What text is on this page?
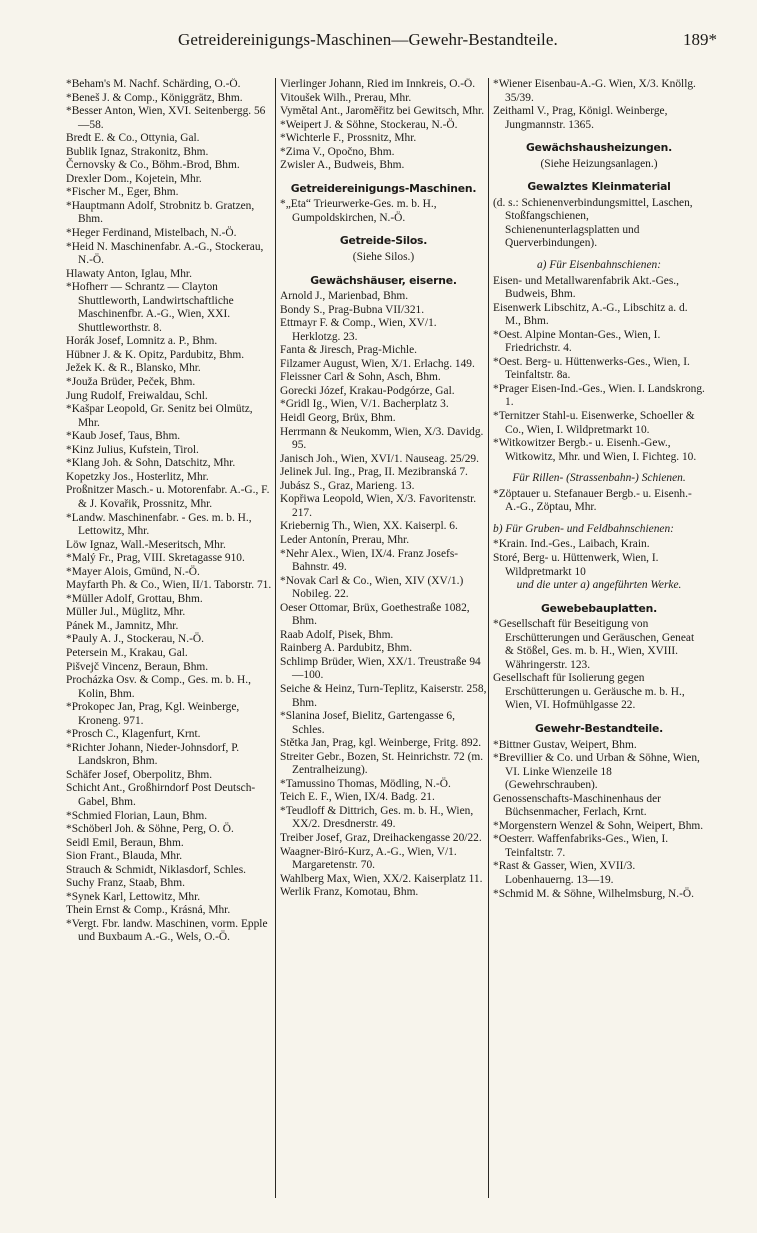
Getreidereinigungs-Maschinen—Gewehr-Bestandteile.	189*

*Beham's M. Nachf. Schärding, O.-Ö.

*Beneš J. & Comp., Königgrätz, Bhm.

*Besser Anton, Wien, XVI. Seitenbergg. 56—58.

Bredt E. & Co., Ottynia, Gal.

Bublik Ignaz, Strakonitz, Bhm.

Černovsky & Co., Böhm.-Brod, Bhm.

Drexler Dom., Kojetein, Mhr.

*Fischer M., Eger, Bhm.

*Hauptmann Adolf, Strobnitz b. Gratzen, Bhm.

*Heger Ferdinand, Mistelbach, N.-Ö.

*Heid N. Maschinenfabr. A.-G., Stockerau, N.-Ö.

Hlawaty Anton, Iglau, Mhr.

*Hofherr — Schrantz — Clayton Shuttleworth, Landwirtschaftliche Maschinenfbr. A.-G., Wien, XXI. Shuttleworthstr. 8.

Horák Josef, Lomnitz a. P., Bhm.

Hübner J. & K. Opitz, Pardubitz, Bhm.

Ježek K. & R., Blansko, Mhr.

*Jouža Brüder, Peček, Bhm.

Jung Rudolf, Freiwaldau, Schl.

*Kašpar Leopold, Gr. Senitz bei Olmütz, Mhr.

*Kaub Josef, Taus, Bhm.

*Kinz Julius, Kufstein, Tirol.

*Klang Joh. & Sohn, Datschitz, Mhr.

Kopetzky Jos., Hosterlitz, Mhr.

Proßnitzer Masch.- u. Motorenfabr. A.-G., F. & J. Kovařik, Prossnitz, Mhr.

*Landw. Maschinenfabr. - Ges. m. b. H., Lettowitz, Mhr.

Löw Ignaz, Wall.-Meseritsch, Mhr.

*Malý Fr., Prag, VIII. Skretagasse 910.

*Mayer Alois, Gmünd, N.-Ö.

Mayfarth Ph. & Co., Wien, II/1. Taborstr. 71.

*Müller Adolf, Grottau, Bhm.

Müller Jul., Müglitz, Mhr.

Pánek M., Jamnitz, Mhr.

*Pauly A. J., Stockerau, N.-Ö.

Petersein M., Krakau, Gal.

Pišvejč Vincenz, Beraun, Bhm.

Procházka Osv. & Comp., Ges. m. b. H., Kolin, Bhm.

*Prokopec Jan, Prag, Kgl. Weinberge, Kroneng. 971.

*Prosch C., Klagenfurt, Krnt.

*Richter Johann, Nieder-Johnsdorf, P. Landskron, Bhm.

Schäfer Josef, Oberpolitz, Bhm.

Schicht Ant., Großhirndorf Post Deutsch-Gabel, Bhm.

*Schmied Florian, Laun, Bhm.

*Schöberl Joh. & Söhne, Perg, O. Ö.

Seidl Emil, Beraun, Bhm.

Sion Frant., Blauda, Mhr.

Strauch & Schmidt, Niklasdorf, Schles.

Suchy Franz, Staab, Bhm.

*Synek Karl, Lettowitz, Mhr.

Thein Ernst & Comp., Krásná, Mhr.

*Vergt. Fbr. landw. Maschinen, vorm. Epple und Buxbaum A.-G., Wels, O.-Ö.

Vierlinger Johann, Ried im Innkreis, O.-Ö.

Vitoušek Wilh., Prerau, Mhr.

Vymětal Ant., Jaroměřitz bei Gewitsch, Mhr.

*Weipert J. & Söhne, Stockerau, N.-Ö.

*Wichterle F., Prossnitz, Mhr.

*Zima V., Opočno, Bhm.

Zwisler A., Budweis, Bhm.

Getreidereinigungs-Maschinen.

*„Eta“ Trieurwerke-Ges. m. b. H., Gumpoldskirchen, N.-Ö.

Getreide-Silos.
(Siehe Silos.)
Gewächshäuser, eiserne.

Arnold J., Marienbad, Bhm.

Bondy S., Prag-Bubna VII/321.

Ettmayr F. & Comp., Wien, XV/1. Herklotzg. 23.

Fanta & Jiresch, Prag-Michle.

Filzamer August, Wien, X/1. Erlachg. 149.

Fleissner Carl & Sohn, Asch, Bhm.

Gorecki Józef, Krakau-Podgórze, Gal.

*Gridl Ig., Wien, V/1. Bacherplatz 3.

Heidl Georg, Brüx, Bhm.

Herrmann & Neukomm, Wien, X/3. Davidg. 95.

Janisch Joh., Wien, XVI/1. Nauseag. 25/29.

Jelinek Jul. Ing., Prag, II. Mezibranská 7.

Jubász S., Graz, Marieng. 13.

Kopřiwa Leopold, Wien, X/3. Favoritenstr. 217.

Kriebernig Th., Wien, XX. Kaiserpl. 6.

Leder Antonín, Prerau, Mhr.

*Nehr Alex., Wien, IX/4. Franz Josefs-Bahnstr. 49.

*Novak Carl & Co., Wien, XIV (XV/1.) Nobileg. 22.

Oeser Ottomar, Brüx, Goethestraße 1082, Bhm.

Raab Adolf, Pisek, Bhm.

Rainberg A. Pardubitz, Bhm.

Schlimp Brüder, Wien, XX/1. Treustraße 94—100.

Seiche & Heinz, Turn-Teplitz, Kaiserstr. 258, Bhm.

*Slanina Josef, Bielitz, Gartengasse 6, Schles.

Stětka Jan, Prag, kgl. Weinberge, Fritg. 892.

Streiter Gebr., Bozen, St. Heinrichstr. 72 (m. Zentralheizung).

*Tamussino Thomas, Mödling, N.-Ö.

Teich E. F., Wien, IX/4. Badg. 21.

*Teudloff & Dittrich, Ges. m. b. H., Wien, XX/2. Dresdnerstr. 49.

Treiber Josef, Graz, Dreihackengasse 20/22.

Waagner-Biró-Kurz, A.-G., Wien, V/1. Margaretenstr. 70.

Wahlberg Max, Wien, XX/2. Kaiserplatz 11.

Werlik Franz, Komotau, Bhm.

*Wiener Eisenbau-A.-G. Wien, X/3. Knöllg. 35/39.

Zeithaml V., Prag, Königl. Weinberge, Jungmannstr. 1365.

Gewächshausheizungen.
(Siehe Heizungsanlagen.)
Gewalztes Kleinmaterial

(d. s.: Schienenverbindungsmittel, Laschen, Stoßfangschienen, Schienenunterlagsplatten und Querverbindungen).

a) Für Eisenbahnschienen:

Eisen- und Metallwarenfabrik Akt.-Ges., Budweis, Bhm.

Eisenwerk Libschitz, A.-G., Libschitz a. d. M., Bhm.

*Oest. Alpine Montan-Ges., Wien, I. Friedrichstr. 4.

*Oest. Berg- u. Hüttenwerks-Ges., Wien, I. Teinfaltstr. 8a.

*Prager Eisen-Ind.-Ges., Wien. I. Landskrong. 1.

*Ternitzer Stahl-u. Eisenwerke, Schoeller & Co., Wien, I. Wildpretmarkt 10.

*Witkowitzer Bergb.- u. Eisenh.-Gew., Witkowitz, Mhr. und Wien, I. Fichteg. 10.

Für Rillen- (Strassenbahn-) Schienen.

*Zöptauer u. Stefanauer Bergb.- u. Eisenh.-A.-G., Zöptau, Mhr.

b) Für Gruben- und Feldbahnschienen:

*Krain. Ind.-Ges., Laibach, Krain.

Storé, Berg- u. Hüttenwerk, Wien, I. Wildpretmarkt 10

und die unter a) angeführten Werke.
Gewebebauplatten.

*Gesellschaft für Beseitigung von Erschütterungen und Geräuschen, Geneat & Stößel, Ges. m. b. H., Wien, XVIII. Währingerstr. 123.

Gesellschaft für Isolierung gegen Erschütterungen u. Geräusche m. b. H., Wien, VI. Hofmühlgasse 22.

Gewehr-Bestandteile.

*Bittner Gustav, Weipert, Bhm.

*Brevillier & Co. und Urban & Söhne, Wien, VI. Linke Wienzeile 18 (Gewehrschrauben).

Genossenschafts-Maschinenhaus der Büchsenmacher, Ferlach, Krnt.

*Morgenstern Wenzel & Sohn, Weipert, Bhm.

*Oesterr. Waffenfabriks-Ges., Wien, I. Teinfaltstr. 7.

*Rast & Gasser, Wien, XVII/3. Lobenhauerng. 13—19.

*Schmid M. & Söhne, Wilhelmsburg, N.-Ö.
